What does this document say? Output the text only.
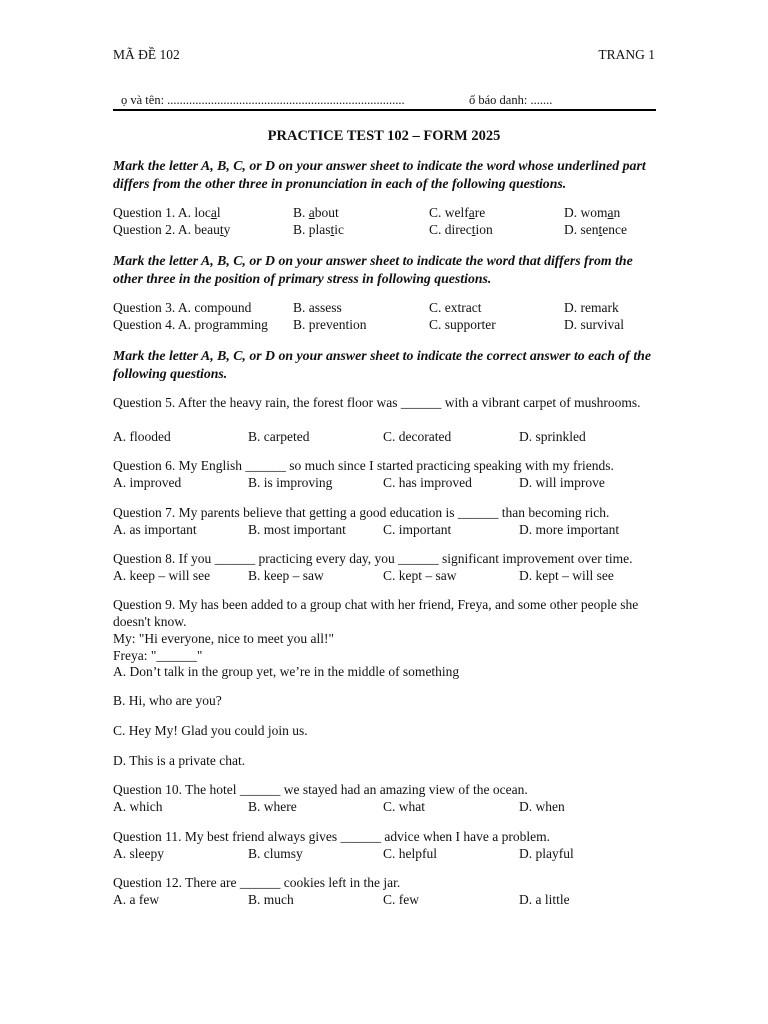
MÃ ĐỀ 102	TRANG 1
ọ và tên: ............................................................................	ố báo danh: .......
PRACTICE TEST 102 – FORM 2025
Mark the letter A, B, C, or D on your answer sheet to indicate the word whose underlined part differs from the other three in pronunciation in each of the following questions.
Question 1. A. local	B. about	C. welfare	D. woman
Question 2. A. beauty	B. plastic	C. direction	D. sentence
Mark the letter A, B, C, or D on your answer sheet to indicate the word that differs from the other three in the position of primary stress in following questions.
Question 3. A. compound	B. assess	C. extract	D. remark
Question 4. A. programming B. prevention	C. supporter	D. survival
Mark the letter A, B, C, or D on your answer sheet to indicate the correct answer to each of the following questions.
Question 5. After the heavy rain, the forest floor was ______ with a vibrant carpet of mushrooms.
A. flooded	B. carpeted	C. decorated	D. sprinkled
Question 6. My English ______ so much since I started practicing speaking with my friends.
A. improved	B. is improving	C. has improved	D. will improve
Question 7. My parents believe that getting a good education is ______ than becoming rich.
A. as important	B. most important	C. important	D. more important
Question 8. If you ______ practicing every day, you ______ significant improvement over time.
A. keep – will see	B. keep – saw	C. kept – saw	D. kept – will see
Question 9. My has been added to a group chat with her friend, Freya, and some other people she doesn't know.
My: "Hi everyone, nice to meet you all!"
Freya: "______"
A. Don’t talk in the group yet, we’re in the middle of something
B. Hi, who are you?
C. Hey My! Glad you could join us.
D. This is a private chat.
Question 10. The hotel ______ we stayed had an amazing view of the ocean.
A. which	B. where	C. what	D. when
Question 11. My best friend always gives ______ advice when I have a problem.
A. sleepy	B. clumsy	C. helpful	D. playful
Question 12. There are ______ cookies left in the jar.
A. a few	B. much	C. few	D. a little
